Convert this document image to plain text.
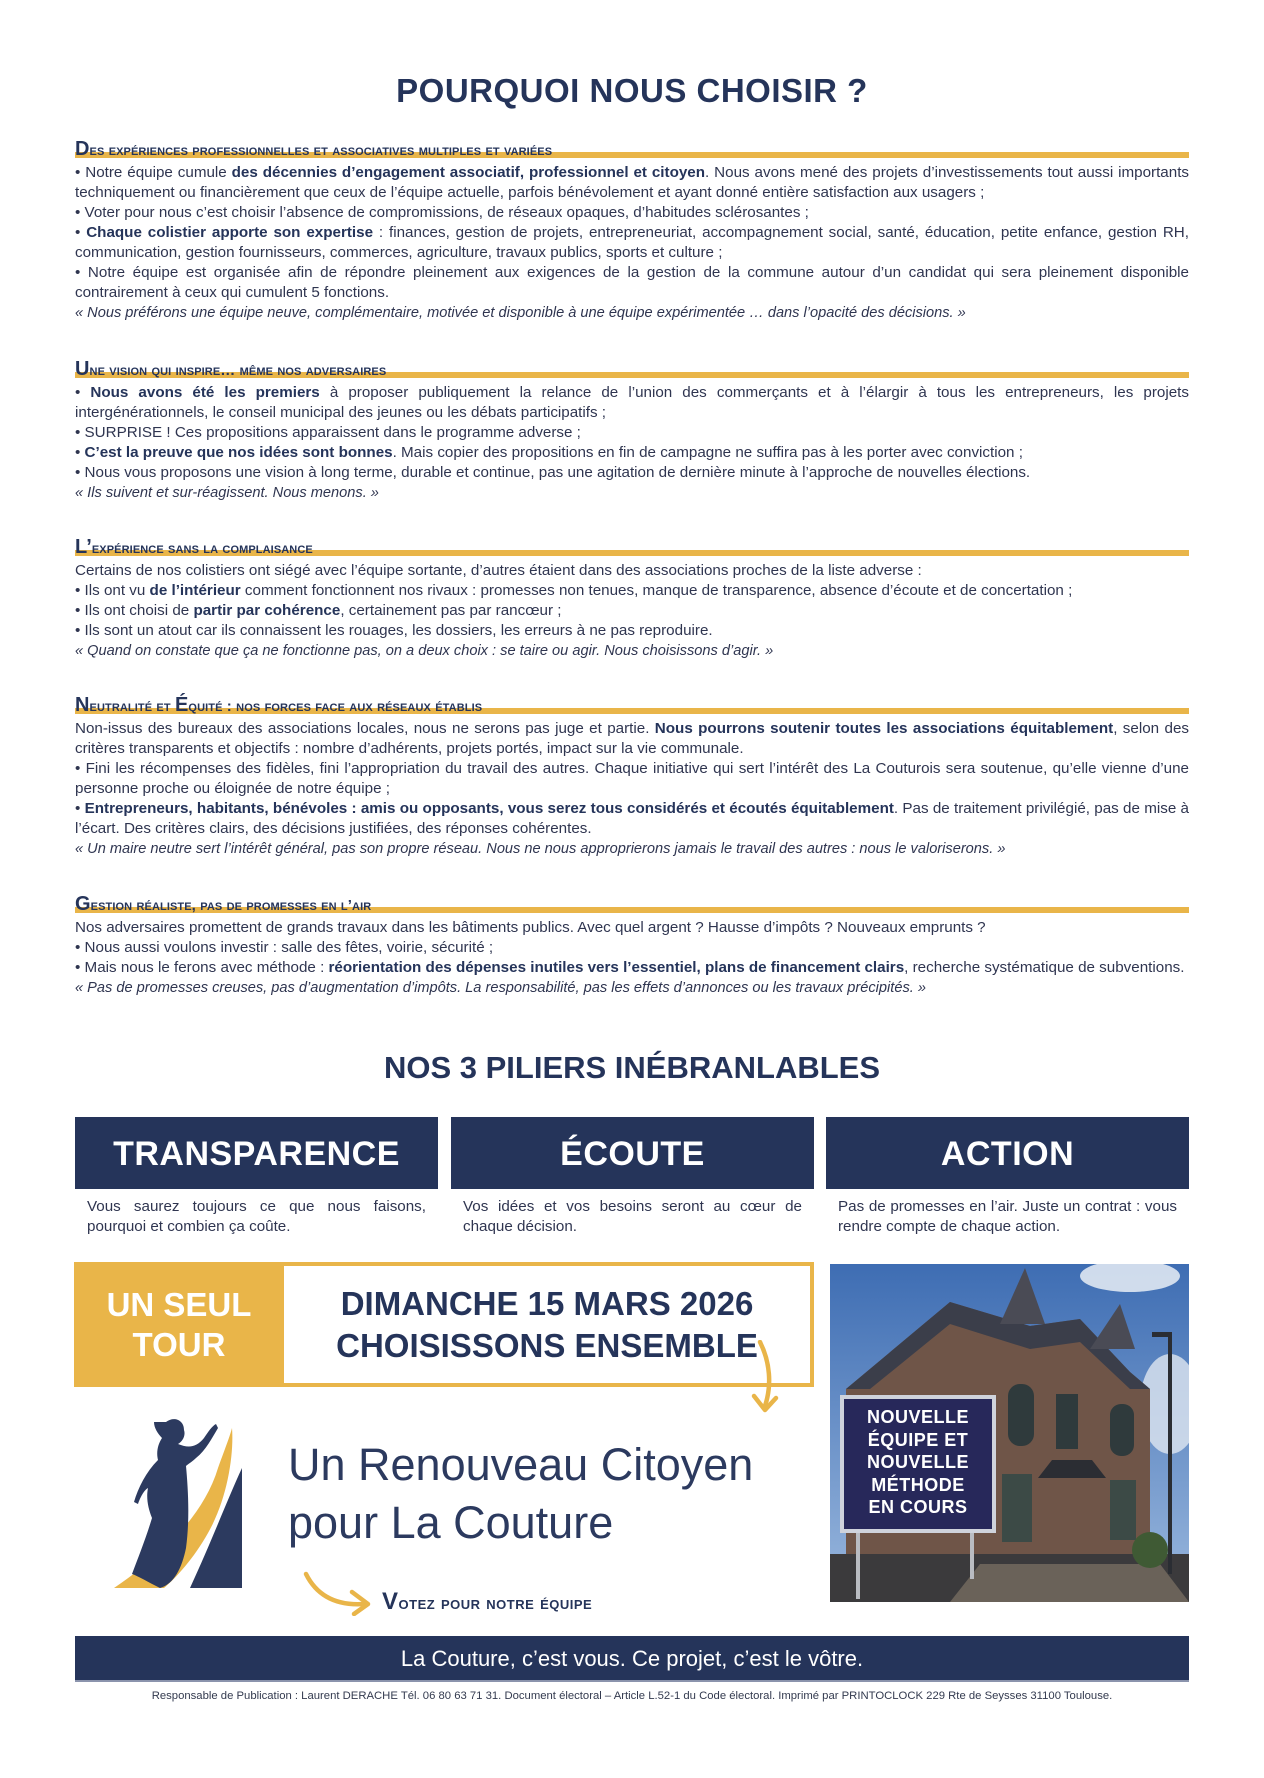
POURQUOI NOUS CHOISIR ?
Des expériences professionnelles et associatives multiples et variées

• Notre équipe cumule des décennies d’engagement associatif, professionnel et citoyen. Nous avons mené des projets d’investissements tout aussi importants techniquement ou financièrement que ceux de l’équipe actuelle, parfois bénévolement et ayant donné entière satisfaction aux usagers ;

• Voter pour nous c’est choisir l’absence de compromissions, de réseaux opaques, d’habitudes sclérosantes ;

• Chaque colistier apporte son expertise : finances, gestion de projets, entrepreneuriat, accompagnement social, santé, éducation, petite enfance, gestion RH, communication, gestion fournisseurs, commerces, agriculture, travaux publics, sports et culture ;

• Notre équipe est organisée afin de répondre pleinement aux exigences de la gestion de la commune autour d’un candidat qui sera pleinement disponible contrairement à ceux qui cumulent 5 fonctions.

« Nous préférons une équipe neuve, complémentaire, motivée et disponible à une équipe expérimentée … dans l’opacité des décisions. »

Une vision qui inspire… même nos adversaires

• Nous avons été les premiers à proposer publiquement la relance de l’union des commerçants et à l’élargir à tous les entrepreneurs, les projets intergénérationnels, le conseil municipal des jeunes ou les débats participatifs ;

• SURPRISE ! Ces propositions apparaissent dans le programme adverse ;

• C’est la preuve que nos idées sont bonnes. Mais copier des propositions en fin de campagne ne suffira pas à les porter avec conviction ;

• Nous vous proposons une vision à long terme, durable et continue, pas une agitation de dernière minute à l’approche de nouvelles élections.

« Ils suivent et sur-réagissent. Nous menons. »

L’expérience sans la complaisance

Certains de nos colistiers ont siégé avec l’équipe sortante, d’autres étaient dans des associations proches de la liste adverse :

• Ils ont vu de l’intérieur comment fonctionnent nos rivaux : promesses non tenues, manque de transparence, absence d’écoute et de concertation ;

• Ils ont choisi de partir par cohérence, certainement pas par rancœur ;

• Ils sont un atout car ils connaissent les rouages, les dossiers, les erreurs à ne pas reproduire.

« Quand on constate que ça ne fonctionne pas, on a deux choix : se taire ou agir. Nous choisissons d’agir. »

Neutralité et Équité : nos forces face aux réseaux établis

Non-issus des bureaux des associations locales, nous ne serons pas juge et partie. Nous pourrons soutenir toutes les associations équitablement, selon des critères transparents et objectifs : nombre d’adhérents, projets portés, impact sur la vie communale.

• Fini les récompenses des fidèles, fini l’appropriation du travail des autres. Chaque initiative qui sert l’intérêt des La Couturois sera soutenue, qu’elle vienne d’une personne proche ou éloignée de notre équipe ;

• Entrepreneurs, habitants, bénévoles : amis ou opposants, vous serez tous considérés et écoutés équitablement. Pas de traitement privilégié, pas de mise à l’écart. Des critères clairs, des décisions justifiées, des réponses cohérentes.

« Un maire neutre sert l’intérêt général, pas son propre réseau. Nous ne nous approprierons jamais le travail des autres : nous le valoriserons. »

Gestion réaliste, pas de promesses en l’air

Nos adversaires promettent de grands travaux dans les bâtiments publics. Avec quel argent ? Hausse d’impôts ? Nouveaux emprunts ?

• Nous aussi voulons investir : salle des fêtes, voirie, sécurité ;

• Mais nous le ferons avec méthode : réorientation des dépenses inutiles vers l’essentiel, plans de financement clairs, recherche systématique de subventions.

« Pas de promesses creuses, pas d’augmentation d’impôts. La responsabilité, pas les effets d’annonces ou les travaux précipités. »

NOS 3 PILIERS INÉBRANLABLES
TRANSPARENCE
Vous saurez toujours ce que nous faisons, pourquoi et combien ça coûte.
ÉCOUTE
Vos idées et vos besoins seront au cœur de chaque décision.
ACTION
Pas de promesses en l’air. Juste un contrat : vous rendre compte de chaque action.
UN SEUL
TOUR
DIMANCHE 15 MARS 2026
CHOISISSONS ENSEMBLE
Un Renouveau Citoyen
pour La Couture
Votez pour notre équipe
NOUVELLE
ÉQUIPE ET
NOUVELLE
MÉTHODE
EN COURS
La Couture, c’est vous. Ce projet, c’est le vôtre.
Responsable de Publication : Laurent DERACHE Tél. 06 80 63 71 31. Document électoral – Article L.52-1 du Code électoral. Imprimé par PRINTOCLOCK 229 Rte de Seysses 31100 Toulouse.
